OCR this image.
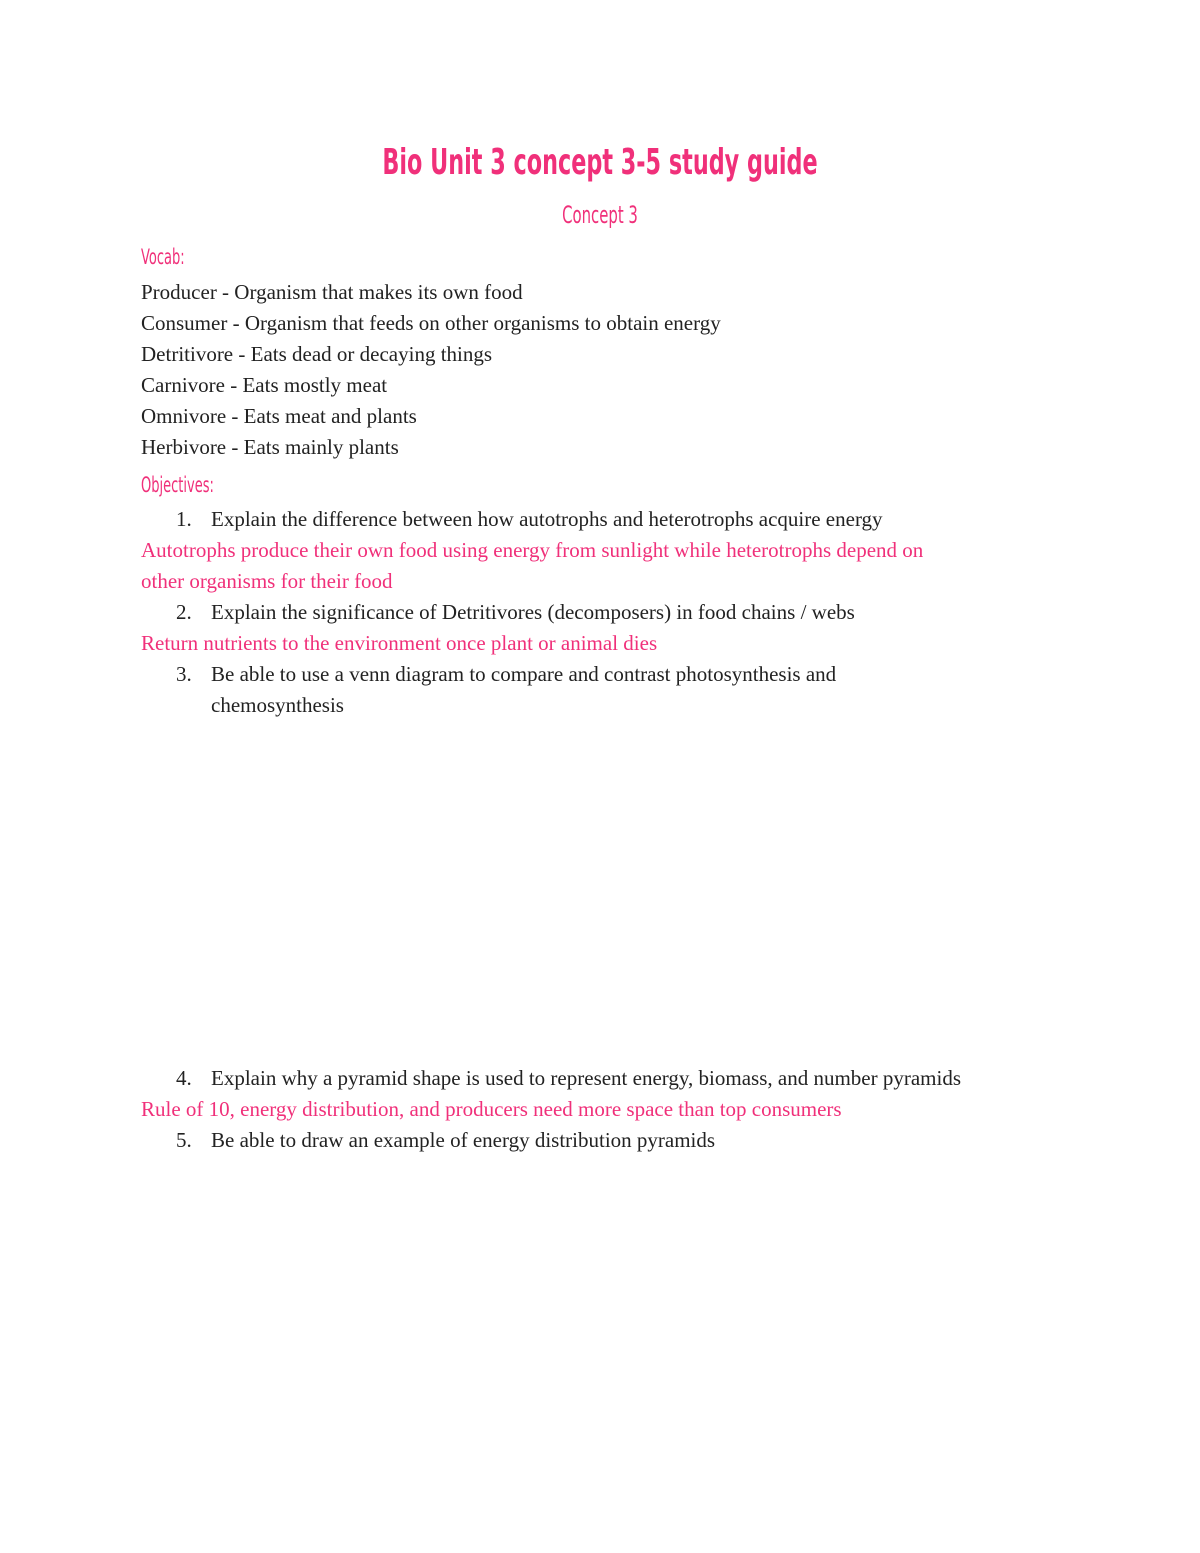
Bio Unit 3 concept 3-5 study guide
Concept 3
Vocab:
Producer - Organism that makes its own food
Consumer - Organism that feeds on other organisms to obtain energy
Detritivore - Eats dead or decaying things
Carnivore - Eats mostly meat
Omnivore - Eats meat and plants
Herbivore - Eats mainly plants
Objectives:
1. Explain the difference between how autotrophs and heterotrophs acquire energy
Autotrophs produce their own food using energy from sunlight while heterotrophs depend on
other organisms for their food
2. Explain the significance of Detritivores (decomposers) in food chains / webs
Return nutrients to the environment once plant or animal dies
3. Be able to use a venn diagram to compare and contrast photosynthesis and
chemosynthesis
4. Explain why a pyramid shape is used to represent energy, biomass, and number pyramids
Rule of 10, energy distribution, and producers need more space than top consumers
5. Be able to draw an example of energy distribution pyramids
